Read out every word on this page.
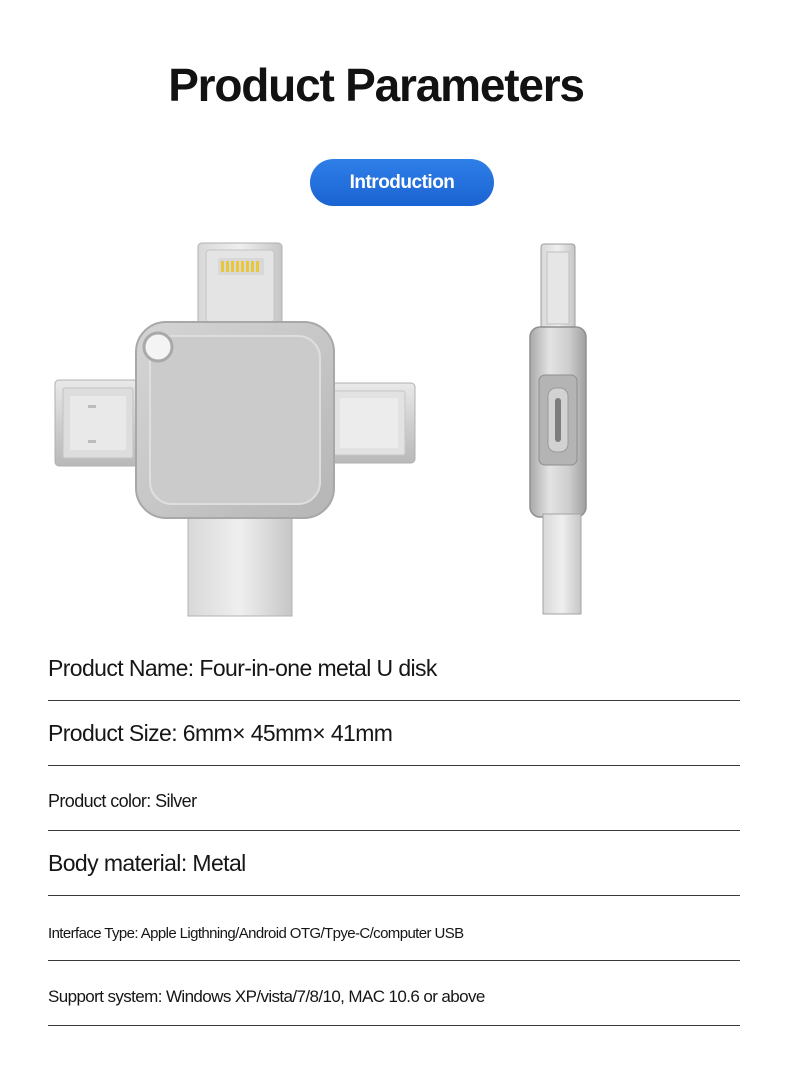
Product Parameters
Introduction
Product Name: Four-in-one metal U disk
Product Size: 6mm× 45mm× 41mm
Product color: Silver
Body material: Metal
Interface Type: Apple Ligthning/Android OTG/Tpye-C/computer USB
Support system: Windows XP/vista/7/8/10, MAC 10.6 or above
